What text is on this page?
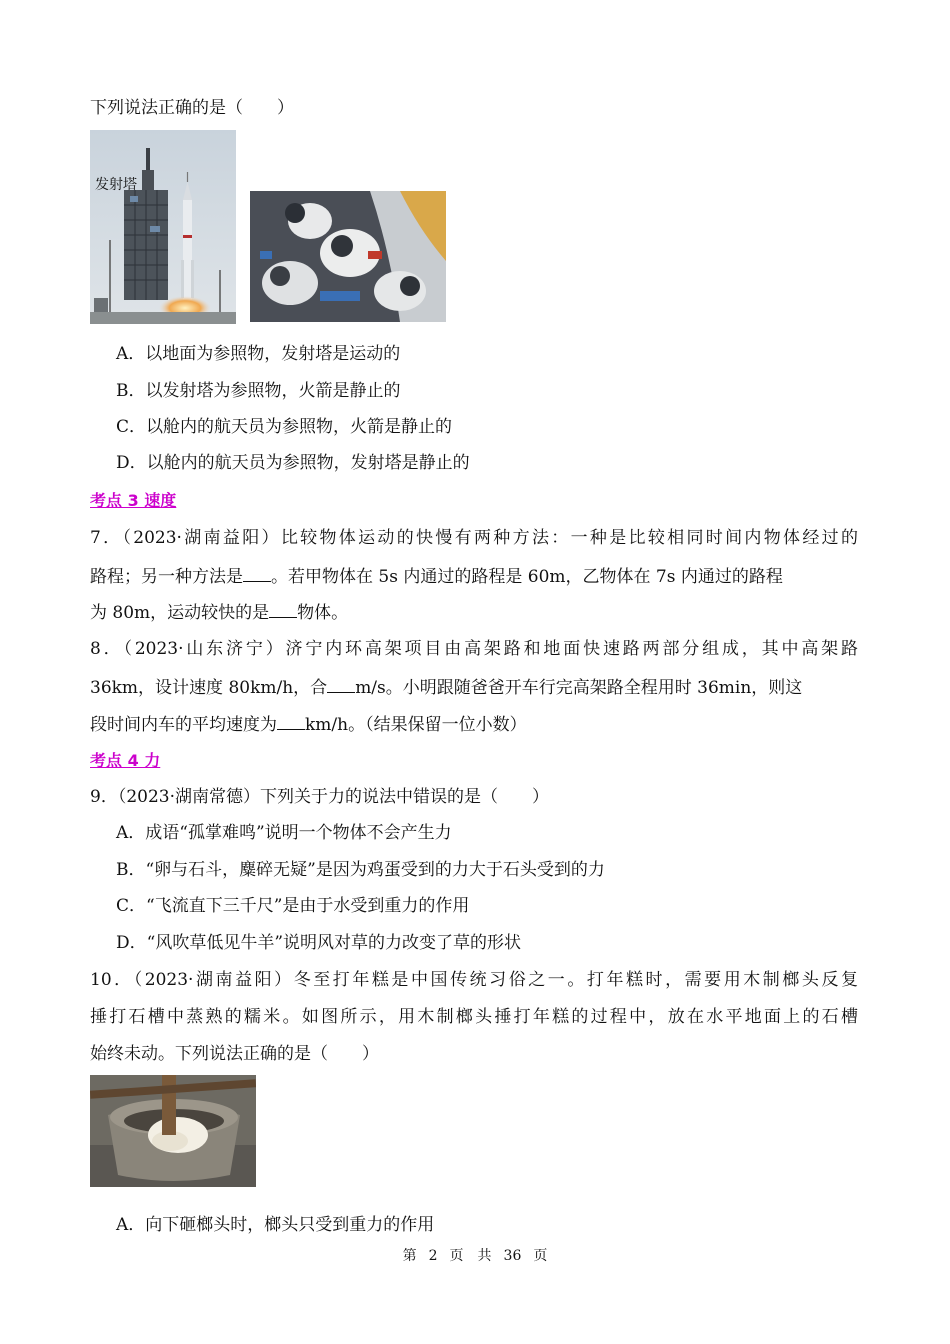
下列说法正确的是（　　）
发射塔
A．以地面为参照物，发射塔是运动的
B．以发射塔为参照物，火箭是静止的
C．以舱内的航天员为参照物，火箭是静止的
D．以舱内的航天员为参照物，发射塔是静止的
考点 3 速度
7．（2023·湖南益阳）比较物体运动的快慢有两种方法：一种是比较相同时间内物体经过的
路程；另一种方法是 。若甲物体在 5s 内通过的路程是 60m，乙物体在 7s 内通过的路程
为 80m，运动较快的是 物体。
8．（2023·山东济宁）济宁内环高架项目由高架路和地面快速路两部分组成，其中高架路
36km，设计速度 80km/h，合 m/s。小明跟随爸爸开车行完高架路全程用时 36min，则这
段时间内车的平均速度为 km/h。（结果保留一位小数）
考点 4 力
9．（2023·湖南常德）下列关于力的说法中错误的是（　　）
A．成语“孤掌难鸣”说明一个物体不会产生力
B．“卵与石斗，麋碎无疑”是因为鸡蛋受到的力大于石头受到的力
C．“飞流直下三千尺”是由于水受到重力的作用
D．“风吹草低见牛羊”说明风对草的力改变了草的形状
10．（2023·湖南益阳）冬至打年糕是中国传统习俗之一。打年糕时，需要用木制榔头反复
捶打石槽中蒸熟的糯米。如图所示，用木制榔头捶打年糕的过程中，放在水平地面上的石槽
始终未动。下列说法正确的是（　　）
A．向下砸榔头时，榔头只受到重力的作用
第 2 页　共 36 页
